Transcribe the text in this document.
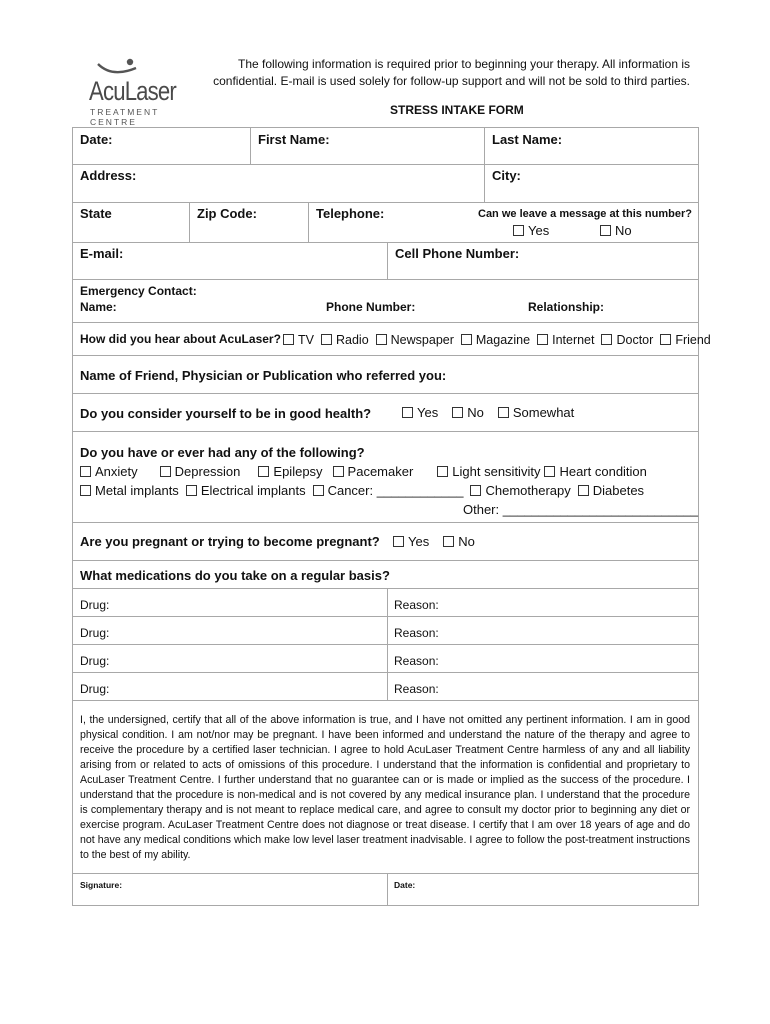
AcuLaser
TREATMENT CENTRE
The following information is required prior to beginning your therapy. All information is confidential. E-mail is used solely for follow-up support and will not be sold to third parties.
STRESS INTAKE FORM
Date:	First Name:	Last Name:
Address:	City:
State	Zip Code:	Telephone:	Can we leave a message at this number?
Yes	No
E-mail:	Cell Phone Number:
Emergency Contact:
Name:	Phone Number:	Relationship:
How did you hear about AcuLaser?	TV Radio Newspaper Magazine Internet Doctor Friend
Name of Friend, Physician or Publication who referred you:
Do you consider yourself to be in good health?	Yes No Somewhat
Do you have or ever had any of the following?
Anxiety	Depression	Epilepsy Pacemaker	Light sensitivity Heart condition
Metal implants Electrical implants Cancer: ____________ Chemotherapy Diabetes
Other: ___________________________
Are you pregnant or trying to become pregnant?	Yes No
What medications do you take on a regular basis?
Drug:	Reason:
Drug:	Reason:
Drug:	Reason:
Drug:	Reason:
I, the undersigned, certify that all of the above information is true, and I have not omitted any pertinent information. I am in good physical condition. I am not/nor may be pregnant. I have been informed and understand the nature of the therapy and agree to receive the procedure by a certified laser technician. I agree to hold AcuLaser Treatment Centre harmless of any and all liability arising from or related to acts of omissions of this procedure. I understand that the information is confidential and proprietary to AcuLaser Treatment Centre. I further understand that no guarantee can or is made or implied as the success of the procedure. I understand that the procedure is non-medical and is not covered by any medical insurance plan. I understand that the procedure is complementary therapy and is not meant to replace medical care, and agree to consult my doctor prior to beginning any diet or exercise program. AcuLaser Treatment Centre does not diagnose or treat disease. I certify that I am over 18 years of age and do not have any medical conditions which make low level laser treatment inadvisable. I agree to follow the post-treatment instructions to the best of my ability.
Signature:	Date:
